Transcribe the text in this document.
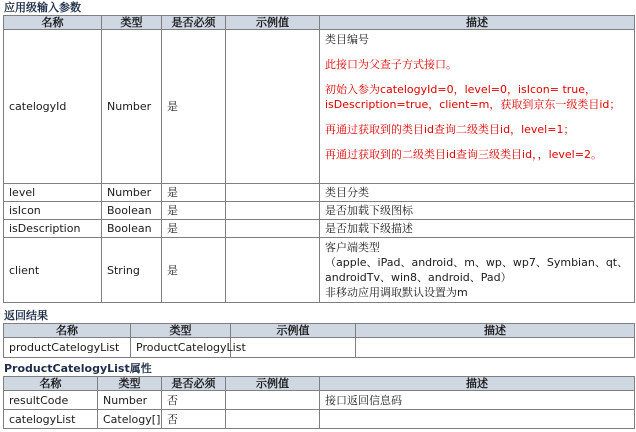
应用级输入参数
名称	类型	是否必须	示例值	描述
catelogyId	Number	是		类目编号
此接口为父查子方式接口。
初始入参为catelogyId=0，level=0，isIcon= true，isDescription=true，client=m，获取到京东一级类目id；
再通过获取到的类目id查询二级类目id，level=1；
再通过获取到的二级类目id查询三级类目id，，level=2。

level	Number	是		类目分类
isIcon	Boolean	是		是否加载下级图标
isDescription	Boolean	是		是否加载下级描述
client	String	是		客户端类型
（apple、iPad、android、m、wp、wp7、Symbian、qt、androidTv、win8、android、Pad）
非移动应用调取默认设置为m
返回结果
名称	类型	示例值	描述
productCatelogyList	ProductCatelogyList		
ProductCatelogyList属性
名称	类型	是否必须	示例值	描述
resultCode	Number	否		接口返回信息码
catelogyList	Catelogy[]	否		
